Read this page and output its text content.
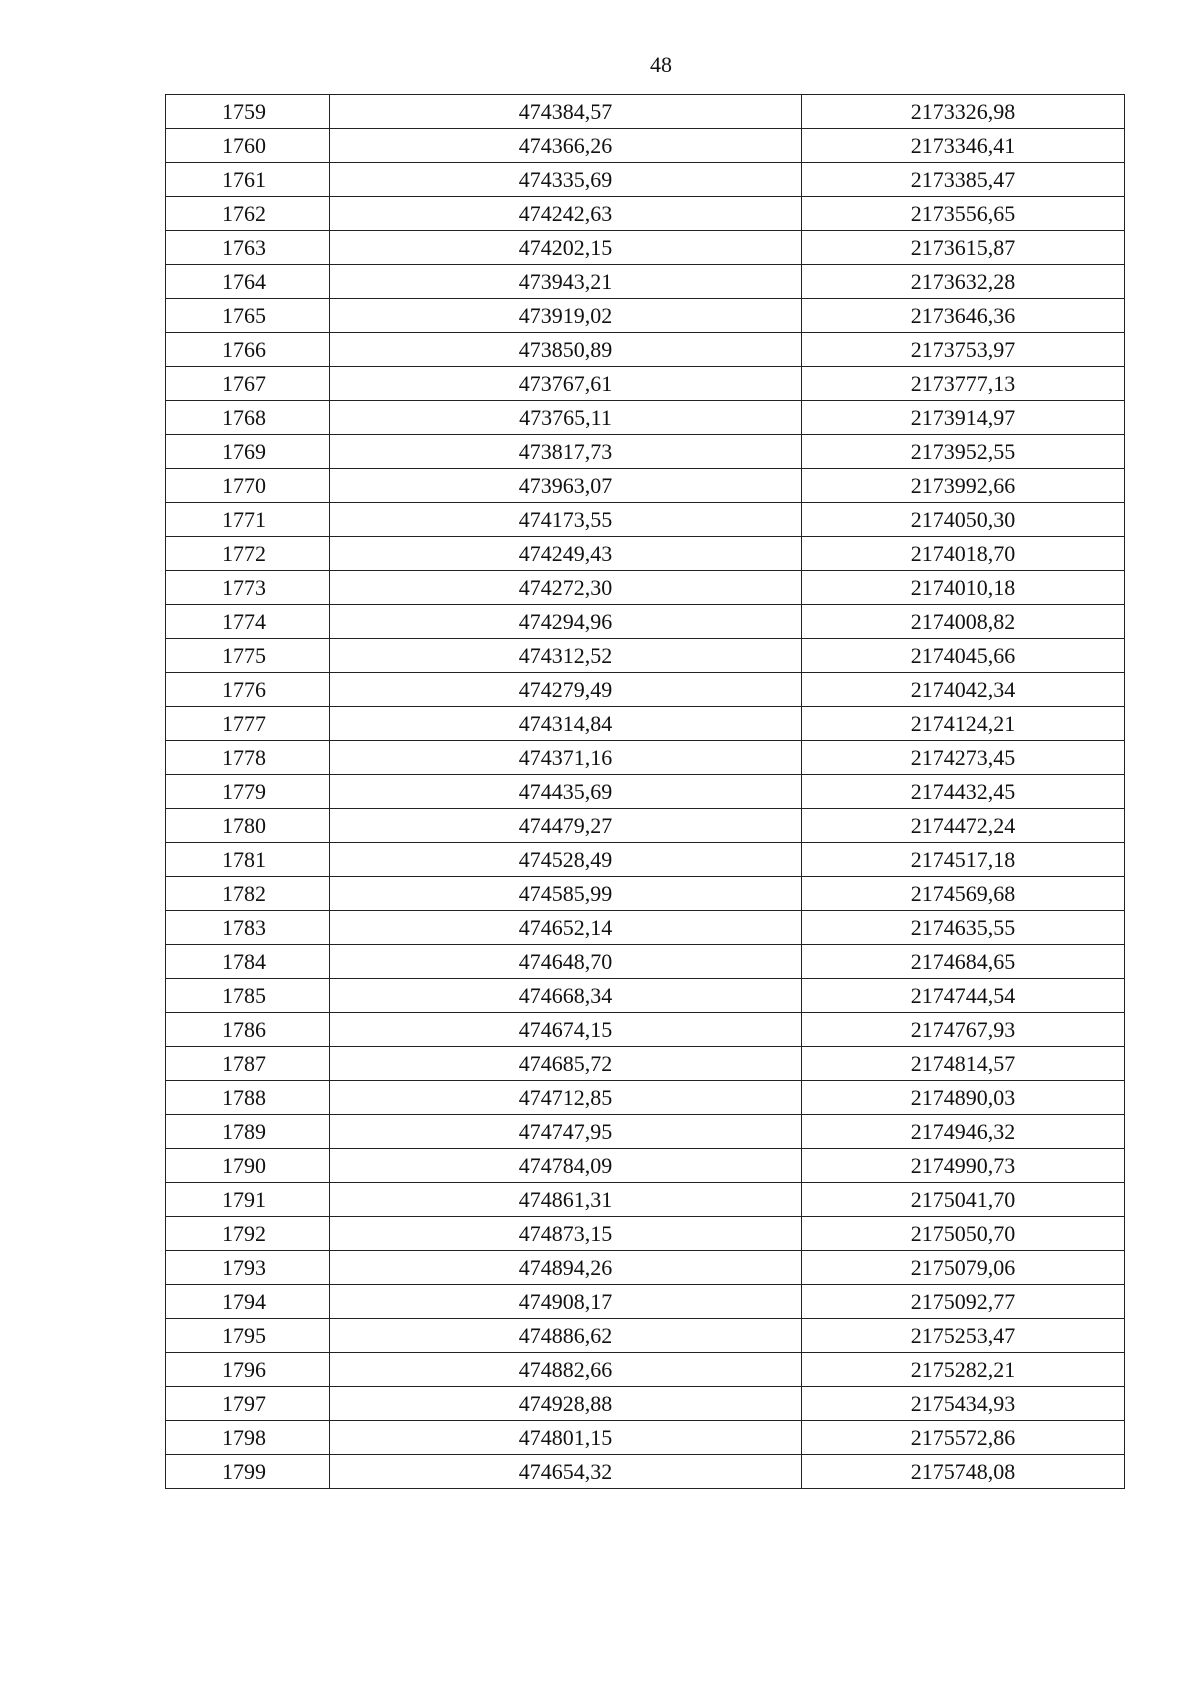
48
1759	474384,57	2173326,98
1760	474366,26	2173346,41
1761	474335,69	2173385,47
1762	474242,63	2173556,65
1763	474202,15	2173615,87
1764	473943,21	2173632,28
1765	473919,02	2173646,36
1766	473850,89	2173753,97
1767	473767,61	2173777,13
1768	473765,11	2173914,97
1769	473817,73	2173952,55
1770	473963,07	2173992,66
1771	474173,55	2174050,30
1772	474249,43	2174018,70
1773	474272,30	2174010,18
1774	474294,96	2174008,82
1775	474312,52	2174045,66
1776	474279,49	2174042,34
1777	474314,84	2174124,21
1778	474371,16	2174273,45
1779	474435,69	2174432,45
1780	474479,27	2174472,24
1781	474528,49	2174517,18
1782	474585,99	2174569,68
1783	474652,14	2174635,55
1784	474648,70	2174684,65
1785	474668,34	2174744,54
1786	474674,15	2174767,93
1787	474685,72	2174814,57
1788	474712,85	2174890,03
1789	474747,95	2174946,32
1790	474784,09	2174990,73
1791	474861,31	2175041,70
1792	474873,15	2175050,70
1793	474894,26	2175079,06
1794	474908,17	2175092,77
1795	474886,62	2175253,47
1796	474882,66	2175282,21
1797	474928,88	2175434,93
1798	474801,15	2175572,86
1799	474654,32	2175748,08
